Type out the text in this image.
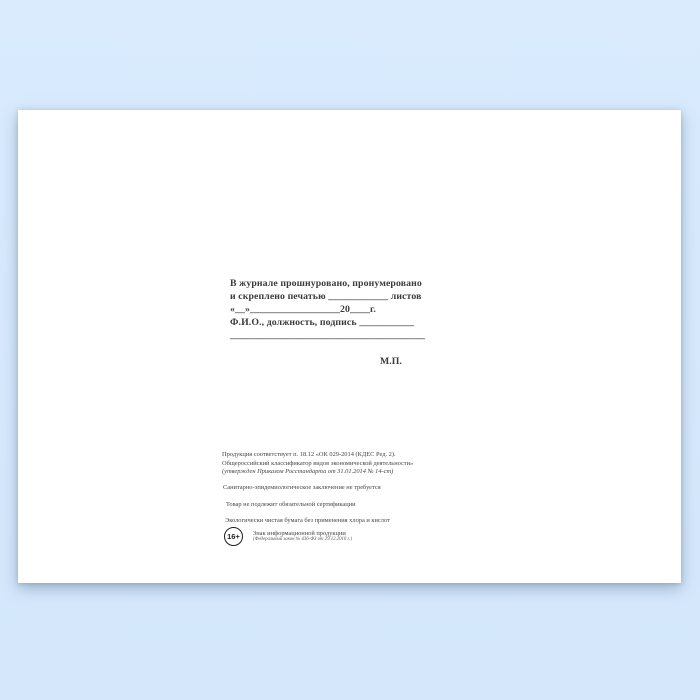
В журнале прошнуровано, пронумеровано
и скреплено печатью ____________ листов
«__»__________________20____г.
Ф.И.О., должность, подпись ___________
_______________________________________
М.П.
Продукция соответствует п. 18.12 «ОК 029-2014 (КДЕС Ред. 2).
Общероссийский классификатор видов экономической деятельности»
(утвержден Приказом Росстандарта от 31.01.2014 № 14-ст)
Санитарно-эпидемиологическое заключение не требуется
Товар не подлежит обязательной сертификации
Экологически чистая бумага без применения хлора и кислот
16+ Знак информационной продукции
(Федеральный закон № 436-ФЗ от 29.12.2010 г.)
